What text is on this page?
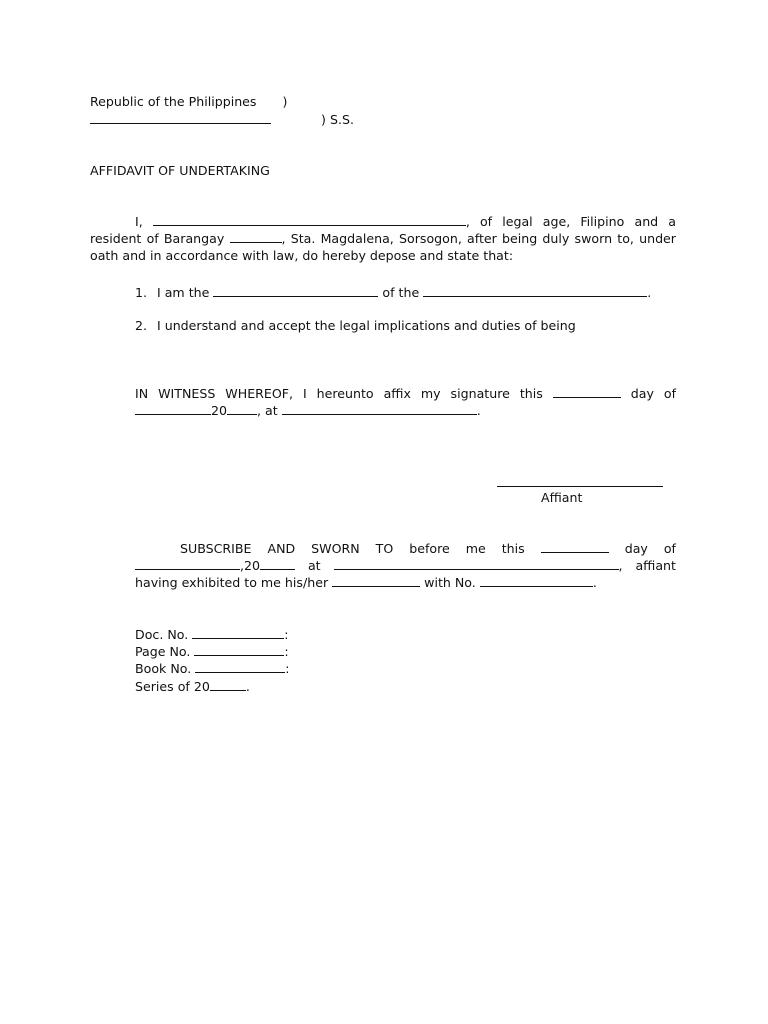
Republic of the Philippines )
) S.S.
AFFIDAVIT OF UNDERTAKING
I,	, of legal age, Filipino and a
resident of Barangay	, Sta. Magdalena, Sorsogon, after being duly sworn to, under
oath and in accordance with law, do hereby depose and state that:
1. I am the	of the	.
2. I understand and accept the legal implications and duties of being
IN WITNESS WHEREOF, I hereunto affix my signature this	day of
20 , at	.
Affiant
SUBSCRIBE AND SWORN TO before me this	day of
,20	at	, affiant
having exhibited to me his/her	with No.	.
Doc. No.	:
Page No.	:
Book No.	:
Series of 20	.
